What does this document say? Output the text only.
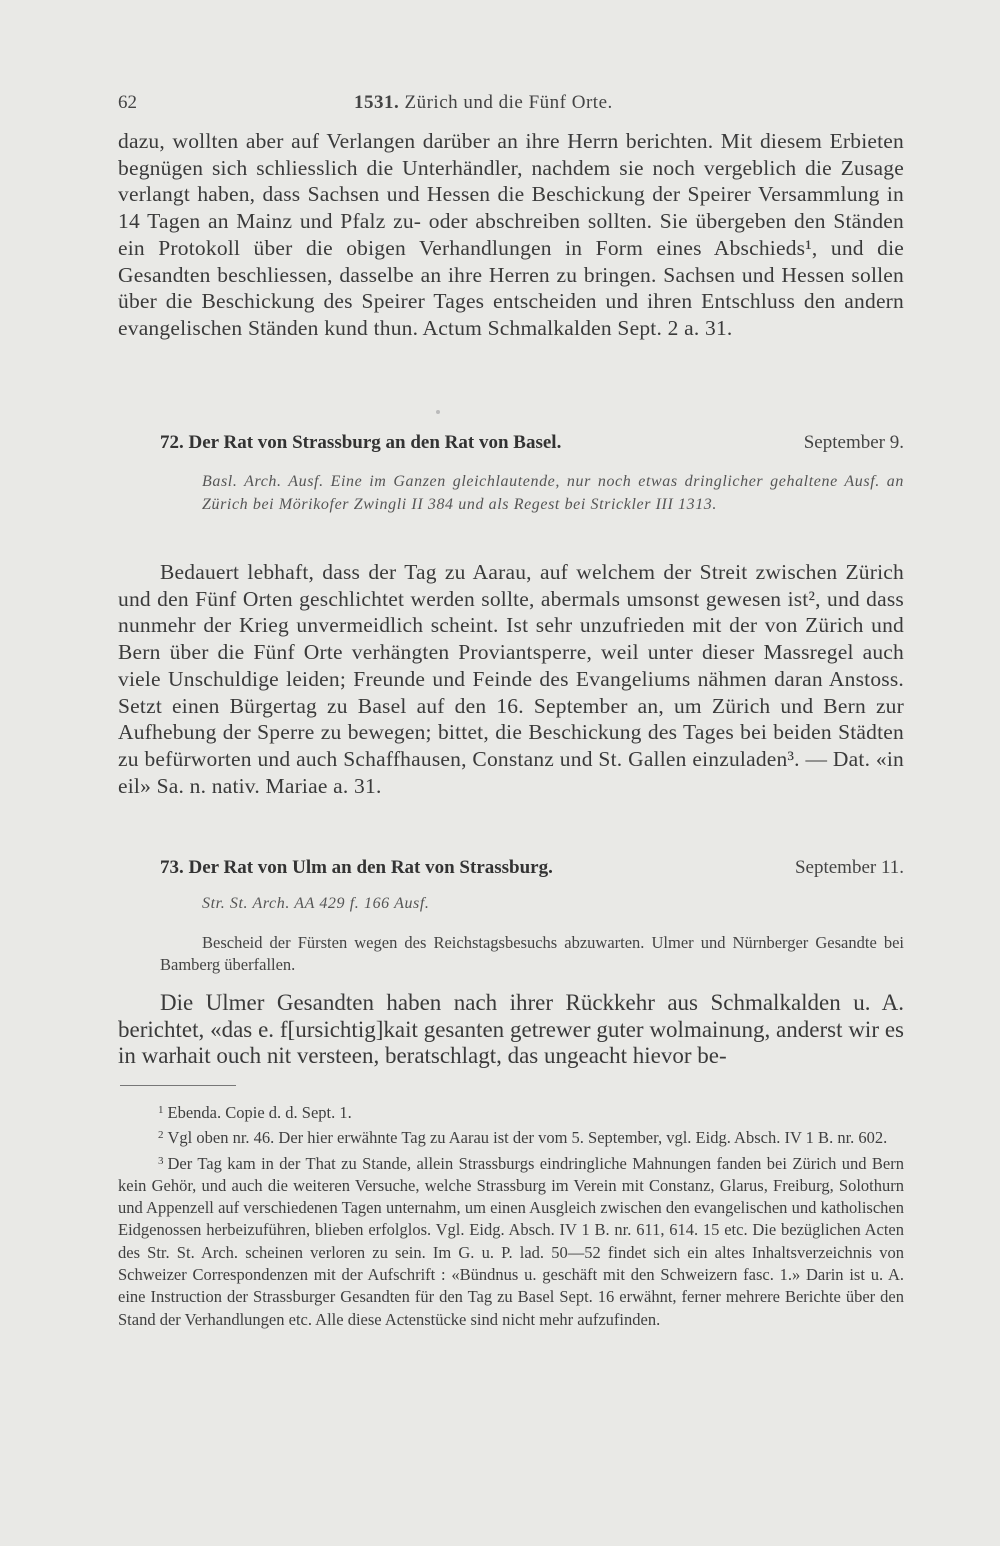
62	1531. Zürich und die Fünf Orte.

dazu, wollten aber auf Verlangen darüber an ihre Herrn berichten. Mit diesem Erbieten begnügen sich schliesslich die Unterhändler, nachdem sie noch vergeblich die Zusage verlangt haben, dass Sachsen und Hessen die Beschickung der Speirer Versammlung in 14 Tagen an Mainz und Pfalz zu- oder abschreiben sollten. Sie übergeben den Ständen ein Protokoll über die obigen Verhandlungen in Form eines Abschieds¹, und die Gesandten beschliessen, dasselbe an ihre Herren zu bringen. Sachsen und Hessen sollen über die Beschickung des Speirer Tages entscheiden und ihren Entschluss den andern evangelischen Ständen kund thun. Actum Schmalkalden Sept. 2 a. 31.

72. Der Rat von Strassburg an den Rat von Basel.	September 9.

Basl. Arch. Ausf. Eine im Ganzen gleichlautende, nur noch etwas dringlicher gehaltene Ausf. an Zürich bei Mörikofer Zwingli II 384 und als Regest bei Strickler III 1313.

Bedauert lebhaft, dass der Tag zu Aarau, auf welchem der Streit zwischen Zürich und den Fünf Orten geschlichtet werden sollte, abermals umsonst gewesen ist², und dass nunmehr der Krieg unvermeidlich scheint. Ist sehr unzufrieden mit der von Zürich und Bern über die Fünf Orte verhängten Proviantsperre, weil unter dieser Massregel auch viele Unschuldige leiden; Freunde und Feinde des Evangeliums nähmen daran Anstoss. Setzt einen Bürgertag zu Basel auf den 16. September an, um Zürich und Bern zur Aufhebung der Sperre zu bewegen; bittet, die Beschickung des Tages bei beiden Städten zu befürworten und auch Schaffhausen, Constanz und St. Gallen einzuladen³. — Dat. «in eil» Sa. n. nativ. Mariae a. 31.

73. Der Rat von Ulm an den Rat von Strassburg.	September 11.

Str. St. Arch. AA 429 f. 166 Ausf.

Bescheid der Fürsten wegen des Reichstagsbesuchs abzuwarten. Ulmer und Nürnberger Gesandte bei Bamberg überfallen.

Die Ulmer Gesandten haben nach ihrer Rückkehr aus Schmalkalden u. A. berichtet, «das e. f[ursichtig]kait gesanten getrewer guter wolmainung, anderst wir es in warhait ouch nit versteen, beratschlagt, das ungeacht hievor be-

$^1$ Ebenda. Copie d. d. Sept. 1.

$^2$ Vgl oben nr. 46. Der hier erwähnte Tag zu Aarau ist der vom 5. September, vgl. Eidg. Absch. IV 1 B. nr. 602.

$^3$ Der Tag kam in der That zu Stande, allein Strassburgs eindringliche Mahnungen fanden bei Zürich und Bern kein Gehör, und auch die weiteren Versuche, welche Strassburg im Verein mit Constanz, Glarus, Freiburg, Solothurn und Appenzell auf verschiedenen Tagen unternahm, um einen Ausgleich zwischen den evangelischen und katholischen Eidgenossen herbeizuführen, blieben erfolglos. Vgl. Eidg. Absch. IV 1 B. nr. 611, 614. 15 etc. Die bezüglichen Acten des Str. St. Arch. scheinen verloren zu sein. Im G. u. P. lad. 50—52 findet sich ein altes Inhaltsverzeichnis von Schweizer Correspondenzen mit der Aufschrift : «Bündnus u. geschäft mit den Schweizern fasc. 1.» Darin ist u. A. eine Instruction der Strassburger Gesandten für den Tag zu Basel Sept. 16 erwähnt, ferner mehrere Berichte über den Stand der Verhandlungen etc. Alle diese Actenstücke sind nicht mehr aufzufinden.
